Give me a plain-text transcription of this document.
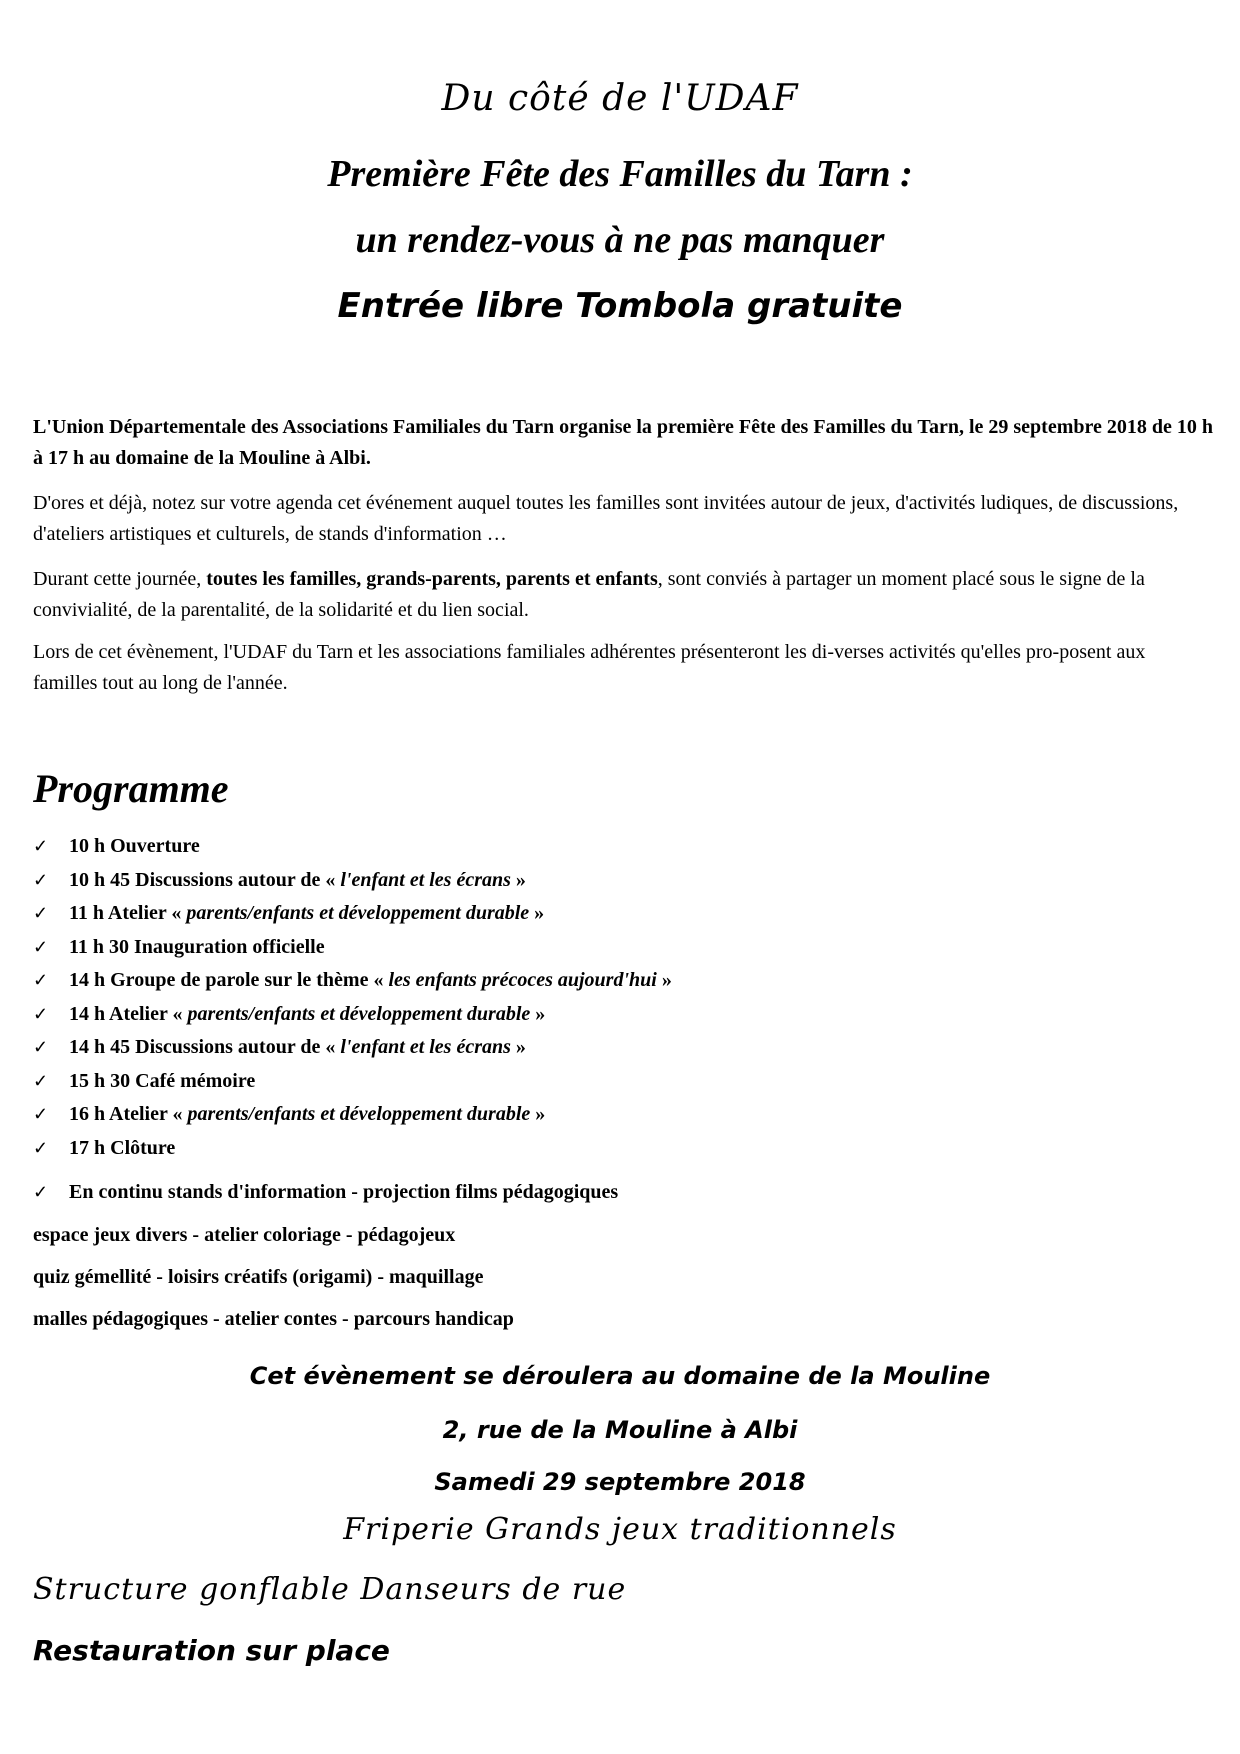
Du côté de l'UDAF
Première Fête des Familles du Tarn :
un rendez-vous à ne pas manquer
Entrée libre Tombola gratuite
L'Union Départementale des Associations Familiales du Tarn organise la première Fête des Familles du Tarn, le 29 septembre 2018 de 10 h à 17 h au domaine de la Mouline à Albi.
D'ores et déjà, notez sur votre agenda cet événement auquel toutes les familles sont invitées autour de jeux, d'activités ludiques, de discussions, d'ateliers artistiques et culturels, de stands d'information …
Durant cette journée, toutes les familles, grands-parents, parents et enfants, sont conviés à partager un moment placé sous le signe de la convivialité, de la parentalité, de la solidarité et du lien social.
Lors de cet évènement, l'UDAF du Tarn et les associations familiales adhérentes présenteront les di-verses activités qu'elles pro-posent aux familles tout au long de l'année.
Programme
✓ 10 h Ouverture
✓ 10 h 45 Discussions autour de « l'enfant et les écrans »
✓ 11 h Atelier « parents/enfants et développement durable »
✓ 11 h 30 Inauguration officielle
✓ 14 h Groupe de parole sur le thème « les enfants précoces aujourd'hui »
✓ 14 h Atelier « parents/enfants et développement durable »
✓ 14 h 45 Discussions autour de « l'enfant et les écrans »
✓ 15 h 30 Café mémoire
✓ 16 h Atelier « parents/enfants et développement durable »
✓ 17 h Clôture
✓ En continu stands d'information - projection films pédagogiques
espace jeux divers - atelier coloriage - pédagojeux
quiz gémellité - loisirs créatifs (origami) - maquillage
malles pédagogiques - atelier contes - parcours handicap
Cet évènement se déroulera au domaine de la Mouline
2, rue de la Mouline à Albi
Samedi 29 septembre 2018
Friperie Grands jeux traditionnels
Structure gonflable Danseurs de rue
Restauration sur place
